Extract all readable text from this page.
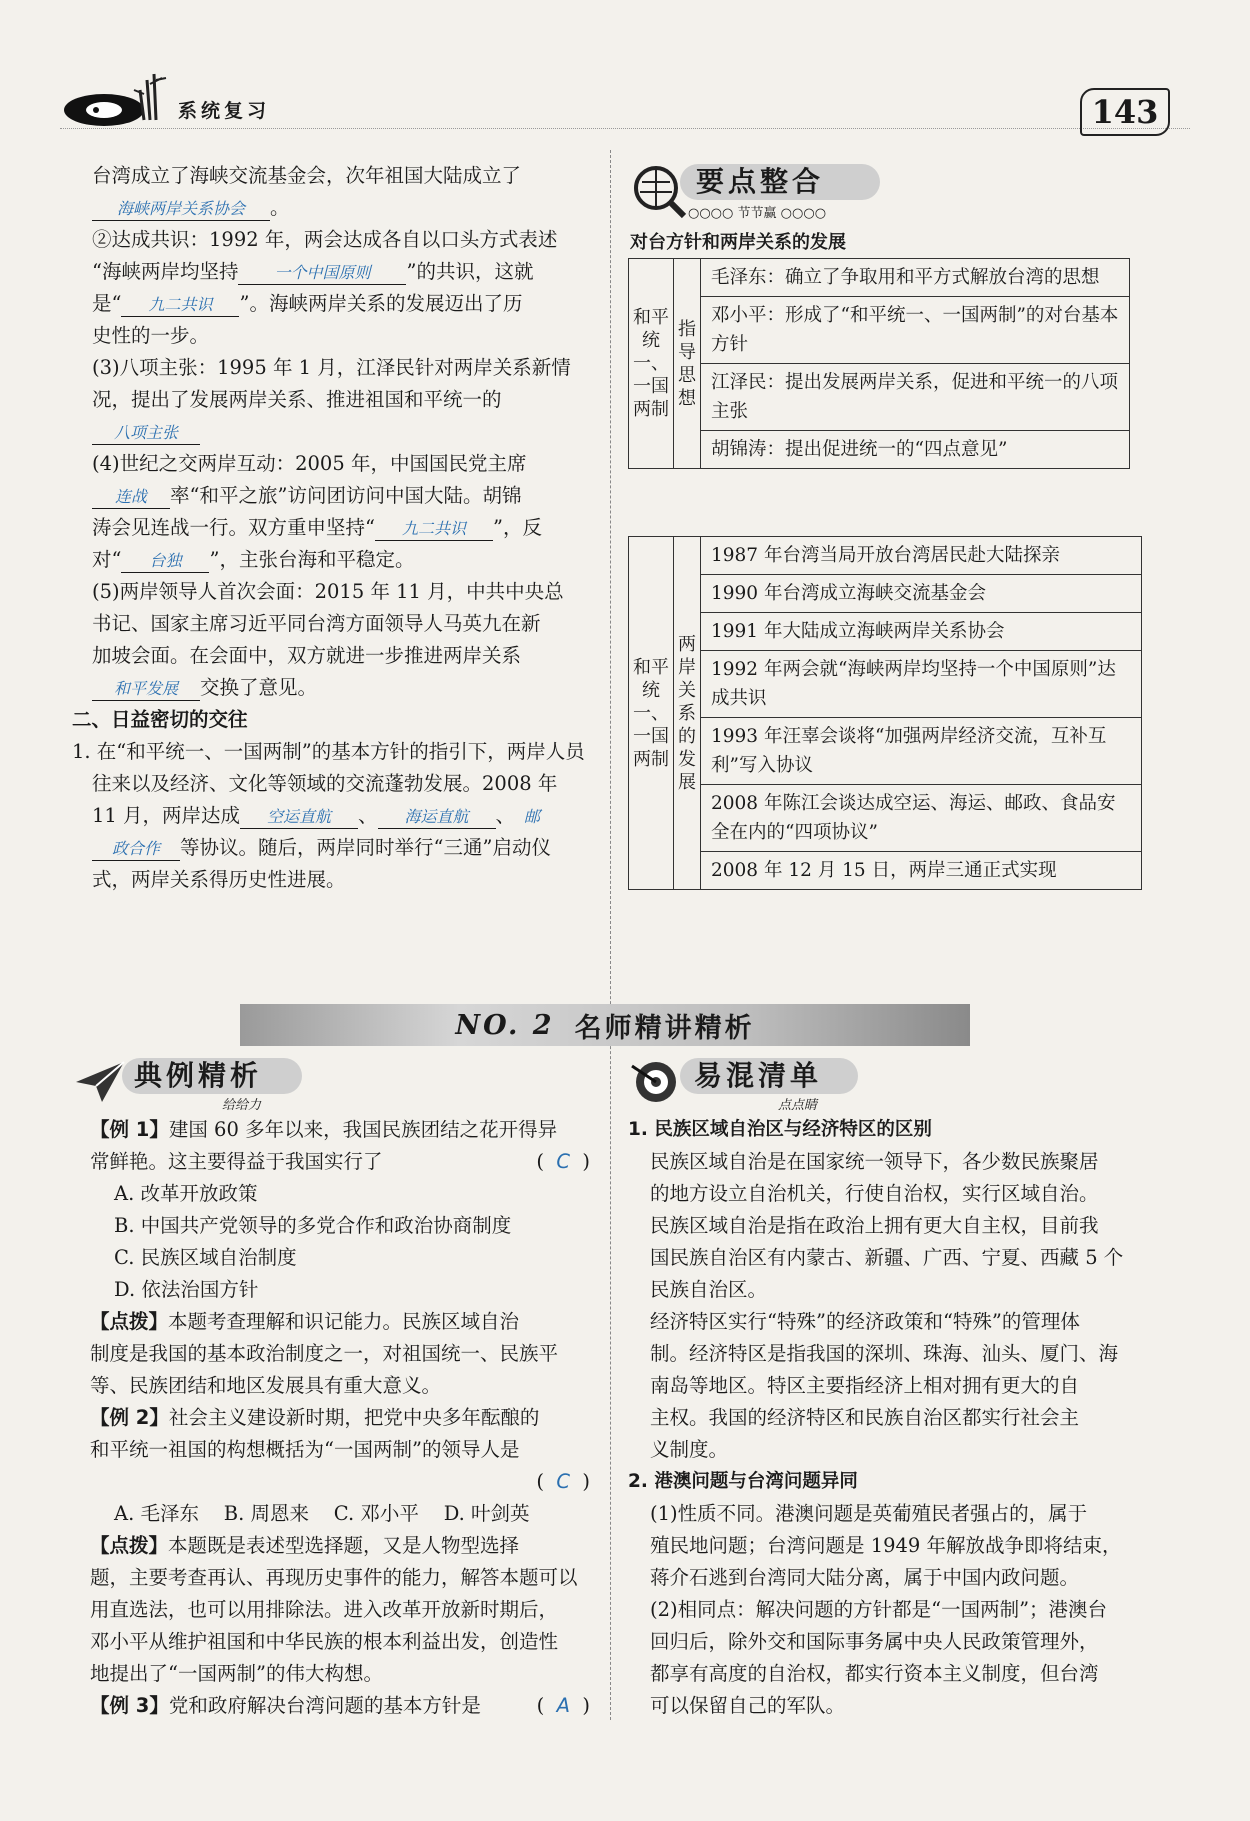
系统复习	143
台湾成立了海峡交流基金会，次年祖国大陆成立了
海峡两岸关系协会 。
②达成共识：1992 年，两会达成各自以口头方式表述
“海峡两岸均坚持 一个中国原则 ”的共识，这就
是“ 九二共识 ”。海峡两岸关系的发展迈出了历
史性的一步。
(3)八项主张：1995 年 1 月，江泽民针对两岸关系新情
况，提出了发展两岸关系、推进祖国和平统一的
八项主张
(4)世纪之交两岸互动：2005 年，中国国民党主席
连战 率“和平之旅”访问团访问中国大陆。胡锦
涛会见连战一行。双方重申坚持“ 九二共识 ”，反
对“ 台独 ”，主张台海和平稳定。
(5)两岸领导人首次会面：2015 年 11 月，中共中央总
书记、国家主席习近平同台湾方面领导人马英九在新
加坡会面。在会面中，双方就进一步推进两岸关系
和平发展 交换了意见。
二、日益密切的交往
1. 在“和平统一、一国两制”的基本方针的指引下，两岸人员
往来以及经济、文化等领域的交流蓬勃发展。2008 年
11 月，两岸达成 空运直航 、 海运直航 、 邮
政合作 等协议。随后，两岸同时举行“三通”启动仪
式，两岸关系得历史性进展。
要点整合
○○○○ 节节赢 ○○○○
对台方针和两岸关系的发展
和平统一、一国两制	指导思想	毛泽东：确立了争取用和平方式解放台湾的思想
邓小平：形成了“和平统一、一国两制”的对台基本方针
江泽民：提出发展两岸关系，促进和平统一的八项主张
胡锦涛：提出促进统一的“四点意见”
和平统一、一国两制	两岸关系的发展	1987 年台湾当局开放台湾居民赴大陆探亲
1990 年台湾成立海峡交流基金会
1991 年大陆成立海峡两岸关系协会
1992 年两会就“海峡两岸均坚持一个中国原则”达成共识
1993 年汪辜会谈将“加强两岸经济交流，互补互利”写入协议
2008 年陈江会谈达成空运、海运、邮政、食品安全在内的“四项协议”
2008 年 12 月 15 日，两岸三通正式实现
NO. 2 名师精讲精析
典例精析
给给力
【例 1】建国 60 多年以来，我国民族团结之花开得异
常鲜艳。这主要得益于我国实行了	(  C  )
A. 改革开放政策
B. 中国共产党领导的多党合作和政治协商制度
C. 民族区域自治制度
D. 依法治国方针
【点拨】本题考查理解和识记能力。民族区域自治
制度是我国的基本政治制度之一，对祖国统一、民族平
等、民族团结和地区发展具有重大意义。
【例 2】社会主义建设新时期，把党中央多年酝酿的
和平统一祖国的构想概括为“一国两制”的领导人是
(  C  )
A. 毛泽东    B. 周恩来    C. 邓小平    D. 叶剑英
【点拨】本题既是表述型选择题，又是人物型选择
题，主要考查再认、再现历史事件的能力，解答本题可以
用直选法，也可以用排除法。进入改革开放新时期后，
邓小平从维护祖国和中华民族的根本利益出发，创造性
地提出了“一国两制”的伟大构想。
【例 3】党和政府解决台湾问题的基本方针是	(  A  )
易混清单
点点睛
1. 民族区域自治区与经济特区的区别
民族区域自治是在国家统一领导下，各少数民族聚居
的地方设立自治机关，行使自治权，实行区域自治。
民族区域自治是指在政治上拥有更大自主权，目前我
国民族自治区有内蒙古、新疆、广西、宁夏、西藏 5 个
民族自治区。
经济特区实行“特殊”的经济政策和“特殊”的管理体
制。经济特区是指我国的深圳、珠海、汕头、厦门、海
南岛等地区。特区主要指经济上相对拥有更大的自
主权。我国的经济特区和民族自治区都实行社会主
义制度。
2. 港澳问题与台湾问题异同
(1)性质不同。港澳问题是英葡殖民者强占的，属于
殖民地问题；台湾问题是 1949 年解放战争即将结束，
蒋介石逃到台湾同大陆分离，属于中国内政问题。
(2)相同点：解决问题的方针都是“一国两制”；港澳台
回归后，除外交和国际事务属中央人民政策管理外，
都享有高度的自治权，都实行资本主义制度，但台湾
可以保留自己的军队。
